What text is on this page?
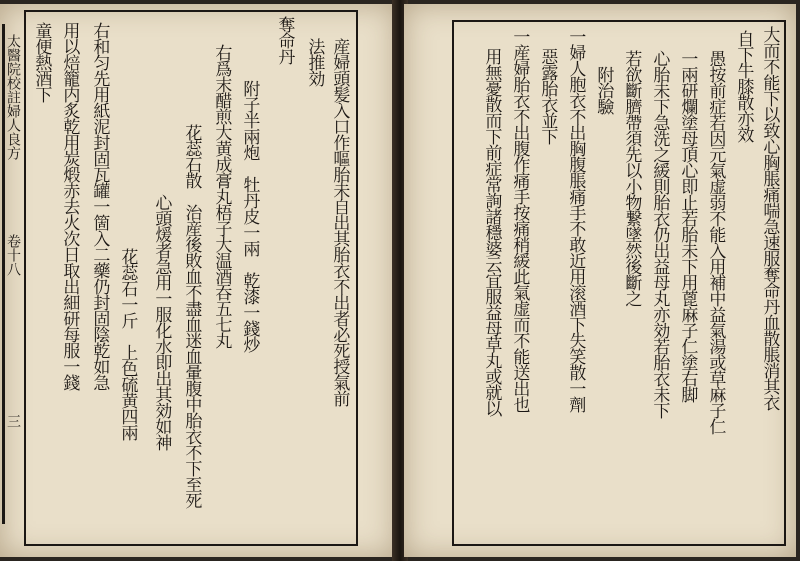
太醫院校註婦人良方
卷十八
三
産婦頭髪入口作嘔胎未自出其胎衣不出者必死授氣前
法推効
奪命丹
附子半兩炮　牡丹皮一兩　乾漆一錢炒
右爲末醋煎大黄成膏丸梧子大温酒吞五七丸
花蕊石散　治産後敗血不盡血迷血暈腹中胎衣不下至死
心頭煖者急用一服化水即出其効如神
花蕊石一斤　上色硫黄四兩
右和匀先用紙泥封固瓦罐一箇入二藥仍封固陰乾如急
用以焙籠内炙乾用炭煅赤去火次日取出細研每服一錢
童便熱酒下	大而不能下以致心胸脹痛喘急速服奪命丹血散脹消其衣
自下牛膝散亦效
愚按前症若因元氣虚弱不能入用補中益氣湯或草麻子仁
一兩研爛塗母頂心即止若胎未下用蓖麻子仁塗右脚
心胎未下急洗之緩則胎衣仍出益母丸亦効若胎衣未下
若欲斷臍帶須先以小物繋墜然後斷之
附治驗
一婦人胞衣不出胸腹脹痛手不敢近用滚酒下失笑散一劑
惡露胎衣並下
一産婦胎衣不出腹作痛手按痛稍緩此氣虚而不能送出也
用無憂散而下前症常詢諸穩婆云宜服益母草丸或就以
